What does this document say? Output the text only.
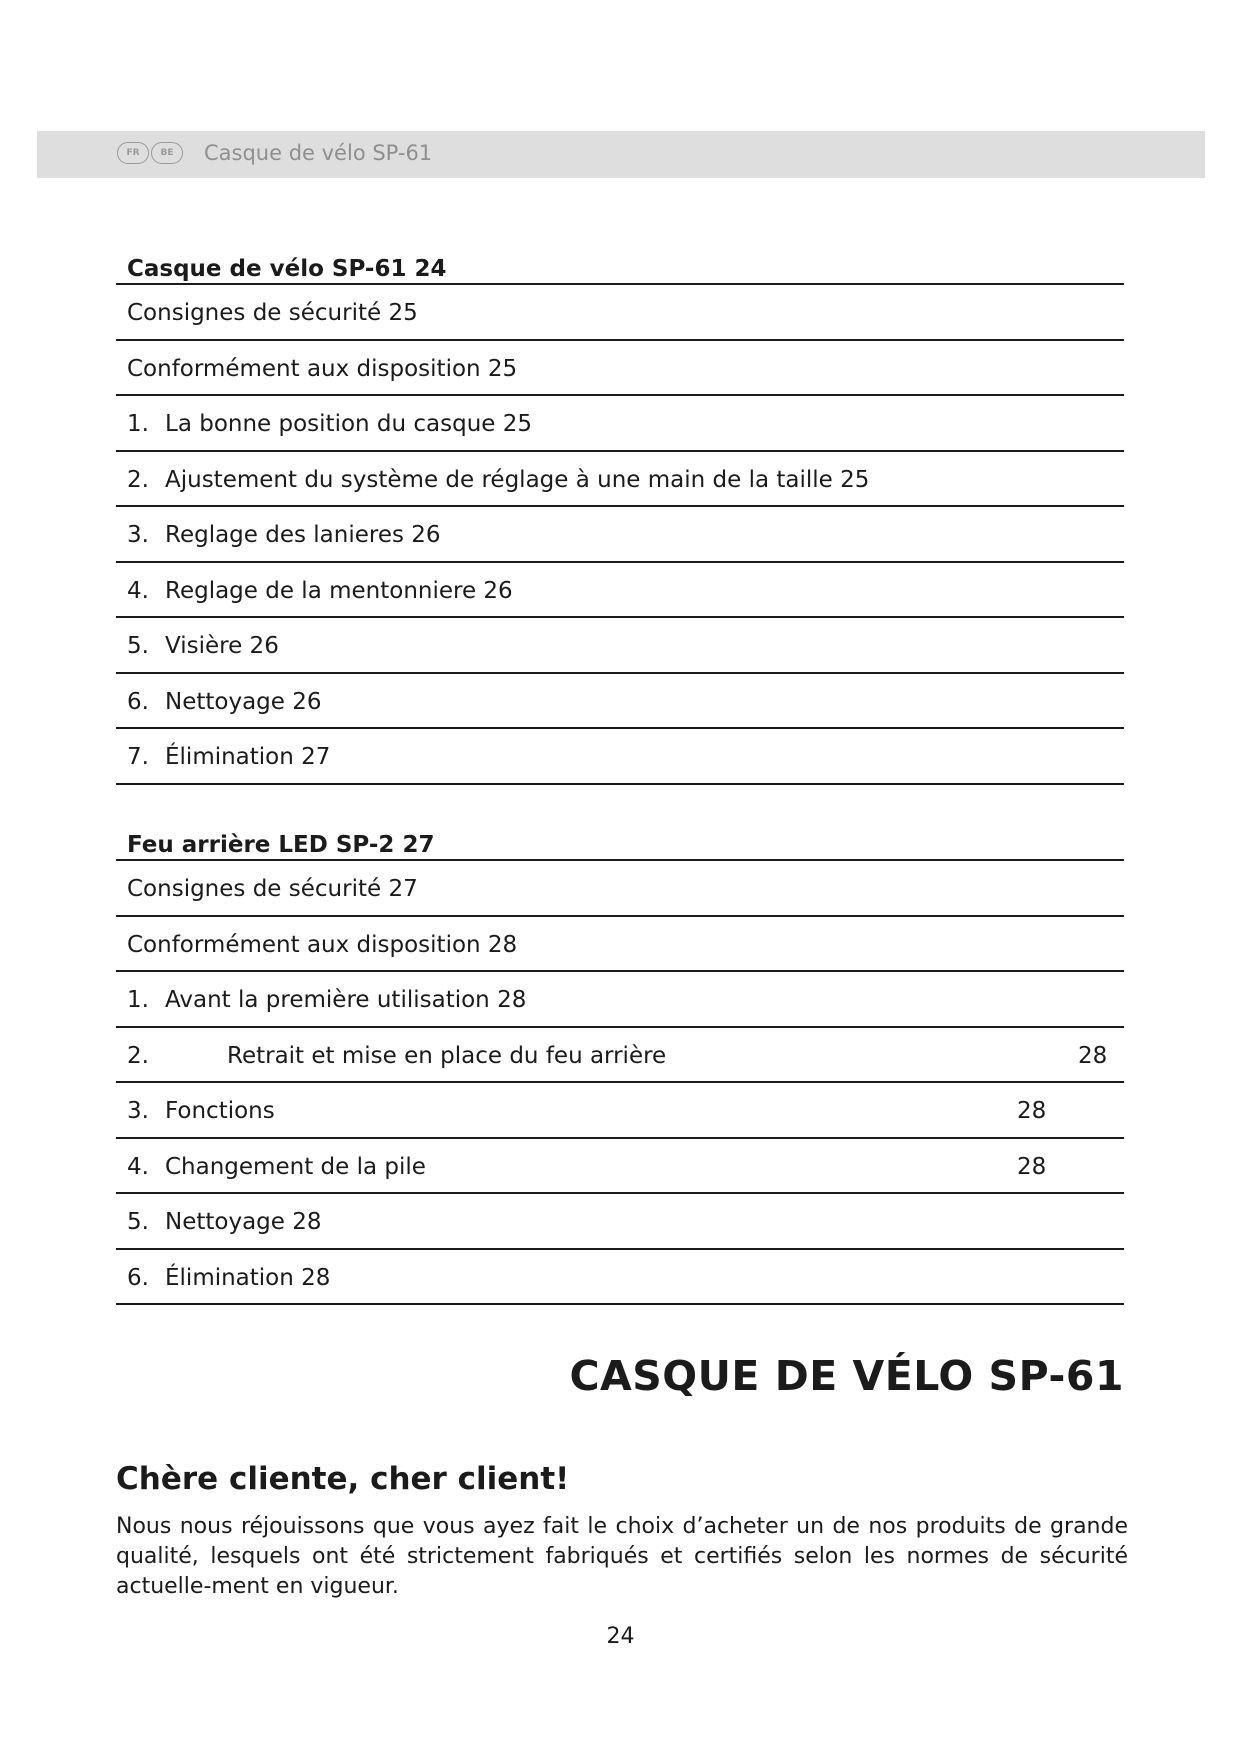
FR	BE	Casque de vélo SP-61
Casque de vélo SP-61 24
Consignes de sécurité 25
Conformément aux disposition 25
1. La bonne position du casque 25
2. Ajustement du système de réglage à une main de la taille 25
3. Reglage des lanieres 26
4. Reglage de la mentonniere 26
5. Visière 26
6. Nettoyage 26
7. Élimination 27
Feu arrière LED SP-2 27
Consignes de sécurité 27
Conformément aux disposition 28
1. Avant la première utilisation 28
2.	Retrait et mise en place du feu arrière	28
3. Fonctions	28
4. Changement de la pile	28
5. Nettoyage 28
6. Élimination 28
CASQUE DE VÉLO SP-61
Chère cliente, cher client!
Nous nous réjouissons que vous ayez fait le choix d’acheter un de nos produits de grande qualité, lesquels ont été strictement fabriqués et certifiés selon les normes de sécurité actuelle-ment en vigueur.
24
